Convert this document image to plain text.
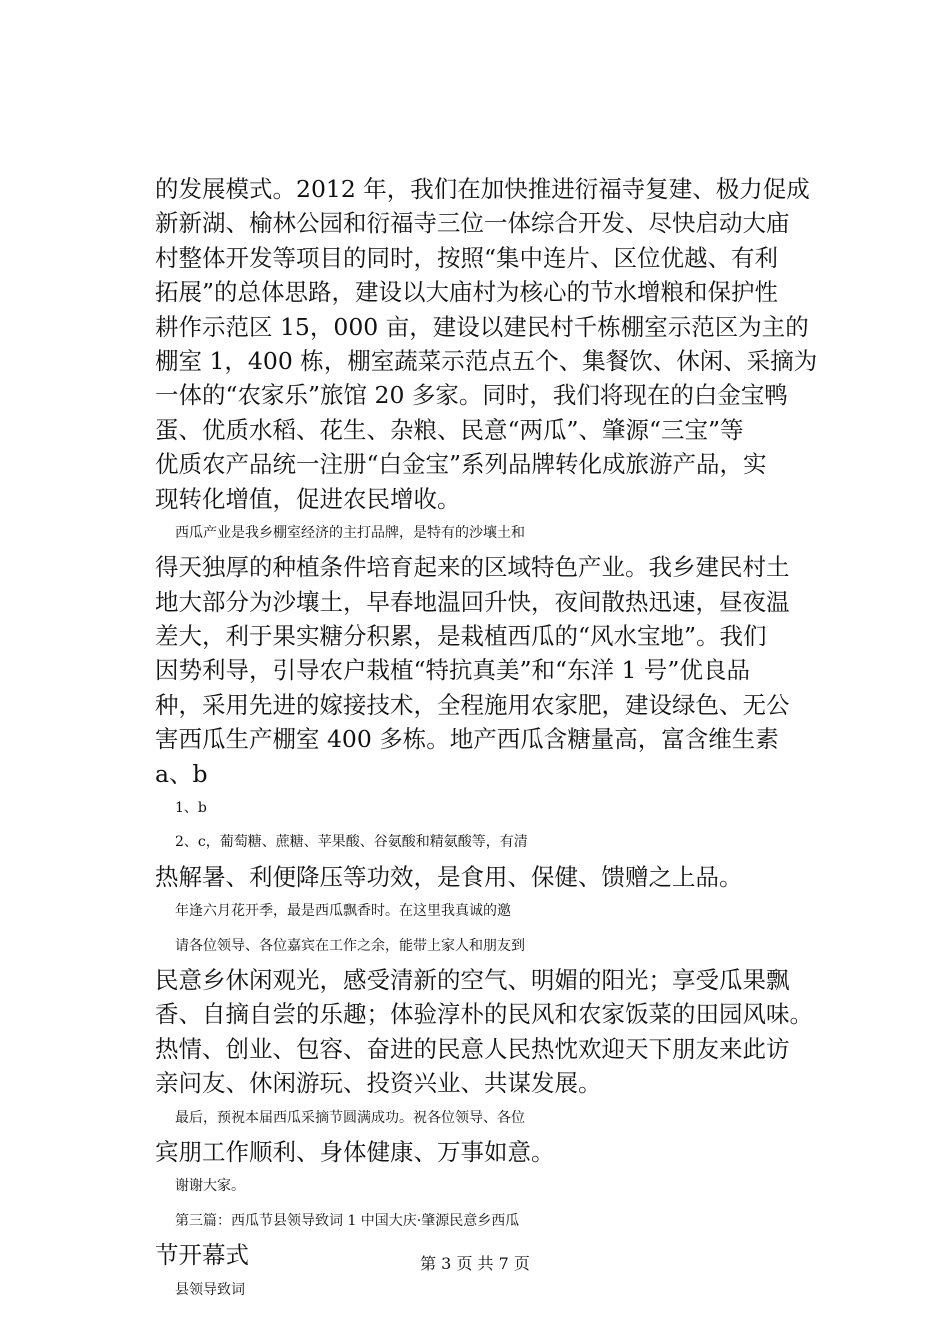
的发展模式。2012 年，我们在加快推进衍福寺复建、极力促成
新新湖、榆林公园和衍福寺三位一体综合开发、尽快启动大庙
村整体开发等项目的同时，按照“集中连片、区位优越、有利
拓展”的总体思路，建设以大庙村为核心的节水增粮和保护性
耕作示范区 15，000 亩，建设以建民村千栋棚室示范区为主的
棚室 1，400 栋，棚室蔬菜示范点五个、集餐饮、休闲、采摘为
一体的“农家乐”旅馆 20 多家。同时，我们将现在的白金宝鸭
蛋、优质水稻、花生、杂粮、民意“两瓜”、肇源“三宝”等
优质农产品统一注册“白金宝”系列品牌转化成旅游产品，实
现转化增值，促进农民增收。
西瓜产业是我乡棚室经济的主打品牌，是特有的沙壤土和
得天独厚的种植条件培育起来的区域特色产业。我乡建民村土
地大部分为沙壤土，早春地温回升快，夜间散热迅速，昼夜温
差大，利于果实糖分积累，是栽植西瓜的“风水宝地”。我们
因势利导，引导农户栽植“特抗真美”和“东洋 1 号”优良品
种，采用先进的嫁接技术，全程施用农家肥，建设绿色、无公
害西瓜生产棚室 400 多栋。地产西瓜含糖量高，富含维生素
a、b
1、b
2、c，葡萄糖、蔗糖、苹果酸、谷氨酸和精氨酸等，有清
热解暑、利便降压等功效，是食用、保健、馈赠之上品。
年逢六月花开季，最是西瓜飘香时。在这里我真诚的邀
请各位领导、各位嘉宾在工作之余，能带上家人和朋友到
民意乡休闲观光，感受清新的空气、明媚的阳光；享受瓜果飘
香、自摘自尝的乐趣；体验淳朴的民风和农家饭菜的田园风味。
热情、创业、包容、奋进的民意人民热忱欢迎天下朋友来此访
亲问友、休闲游玩、投资兴业、共谋发展。
最后，预祝本届西瓜采摘节圆满成功。祝各位领导、各位
宾朋工作顺利、身体健康、万事如意。
谢谢大家。
第三篇：西瓜节县领导致词 1 中国大庆·肇源民意乡西瓜
节开幕式
县领导致词
第 3 页 共 7 页
